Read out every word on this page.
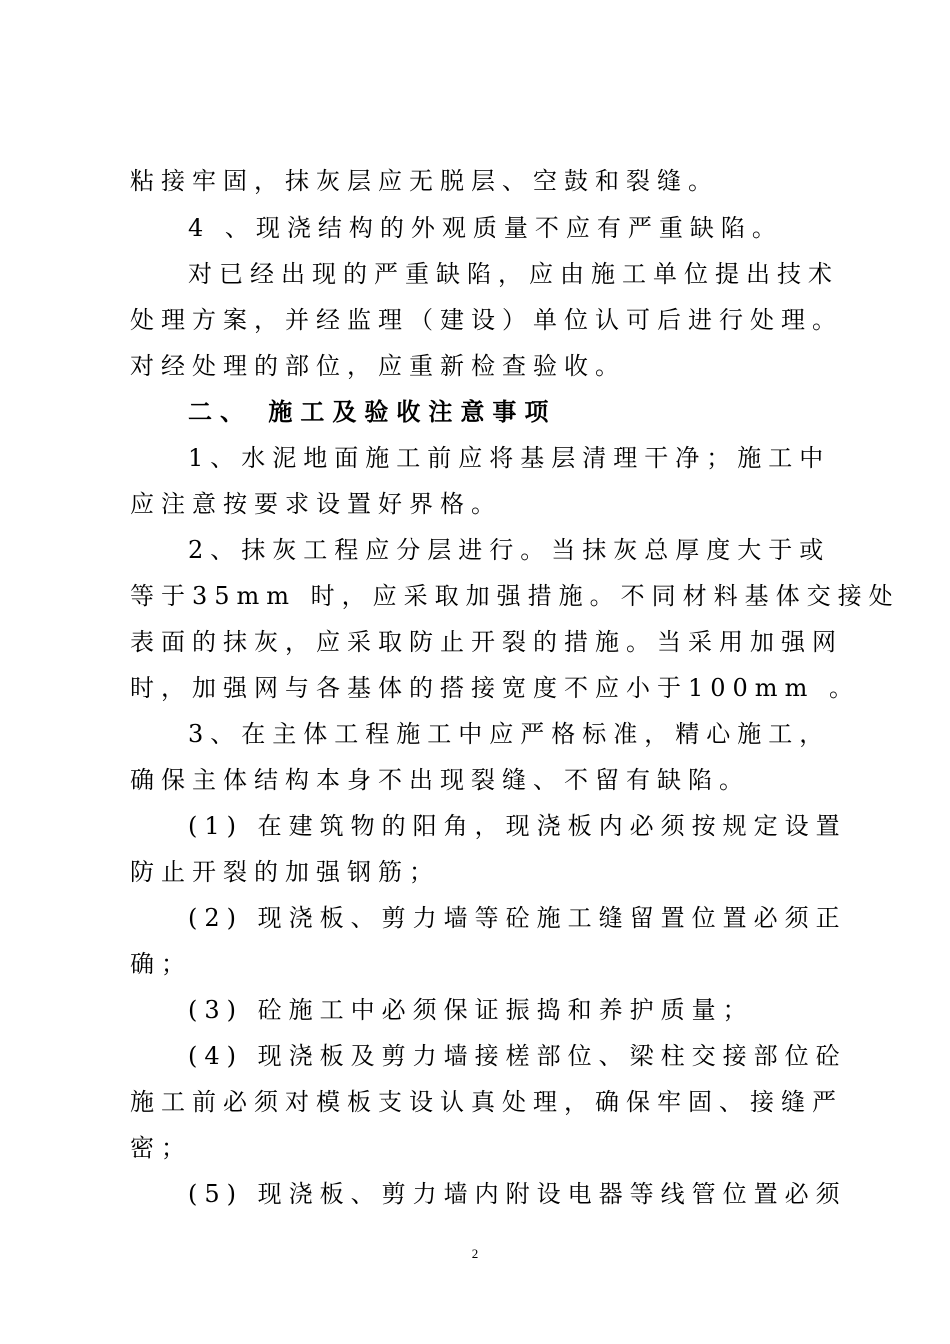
粘接牢固，抹灰层应无脱层、空鼓和裂缝。
4 、现浇结构的外观质量不应有严重缺陷。
对已经出现的严重缺陷，应由施工单位提出技术
处理方案，并经监理（建设）单位认可后进行处理。
对经处理的部位，应重新检查验收。
二、 施工及验收注意事项
1、水泥地面施工前应将基层清理干净；施工中
应注意按要求设置好界格。
2、抹灰工程应分层进行。当抹灰总厚度大于或
等于35mm 时，应采取加强措施。不同材料基体交接处
表面的抹灰，应采取防止开裂的措施。当采用加强网
时，加强网与各基体的搭接宽度不应小于100mm 。
3、在主体工程施工中应严格标准，精心施工，
确保主体结构本身不出现裂缝、不留有缺陷。
(1) 在建筑物的阳角，现浇板内必须按规定设置
防止开裂的加强钢筋；
(2) 现浇板、剪力墙等砼施工缝留置位置必须正
确；
(3) 砼施工中必须保证振捣和养护质量；
(4) 现浇板及剪力墙接槎部位、梁柱交接部位砼
施工前必须对模板支设认真处理，确保牢固、接缝严
密；
(5) 现浇板、剪力墙内附设电器等线管位置必须
2
